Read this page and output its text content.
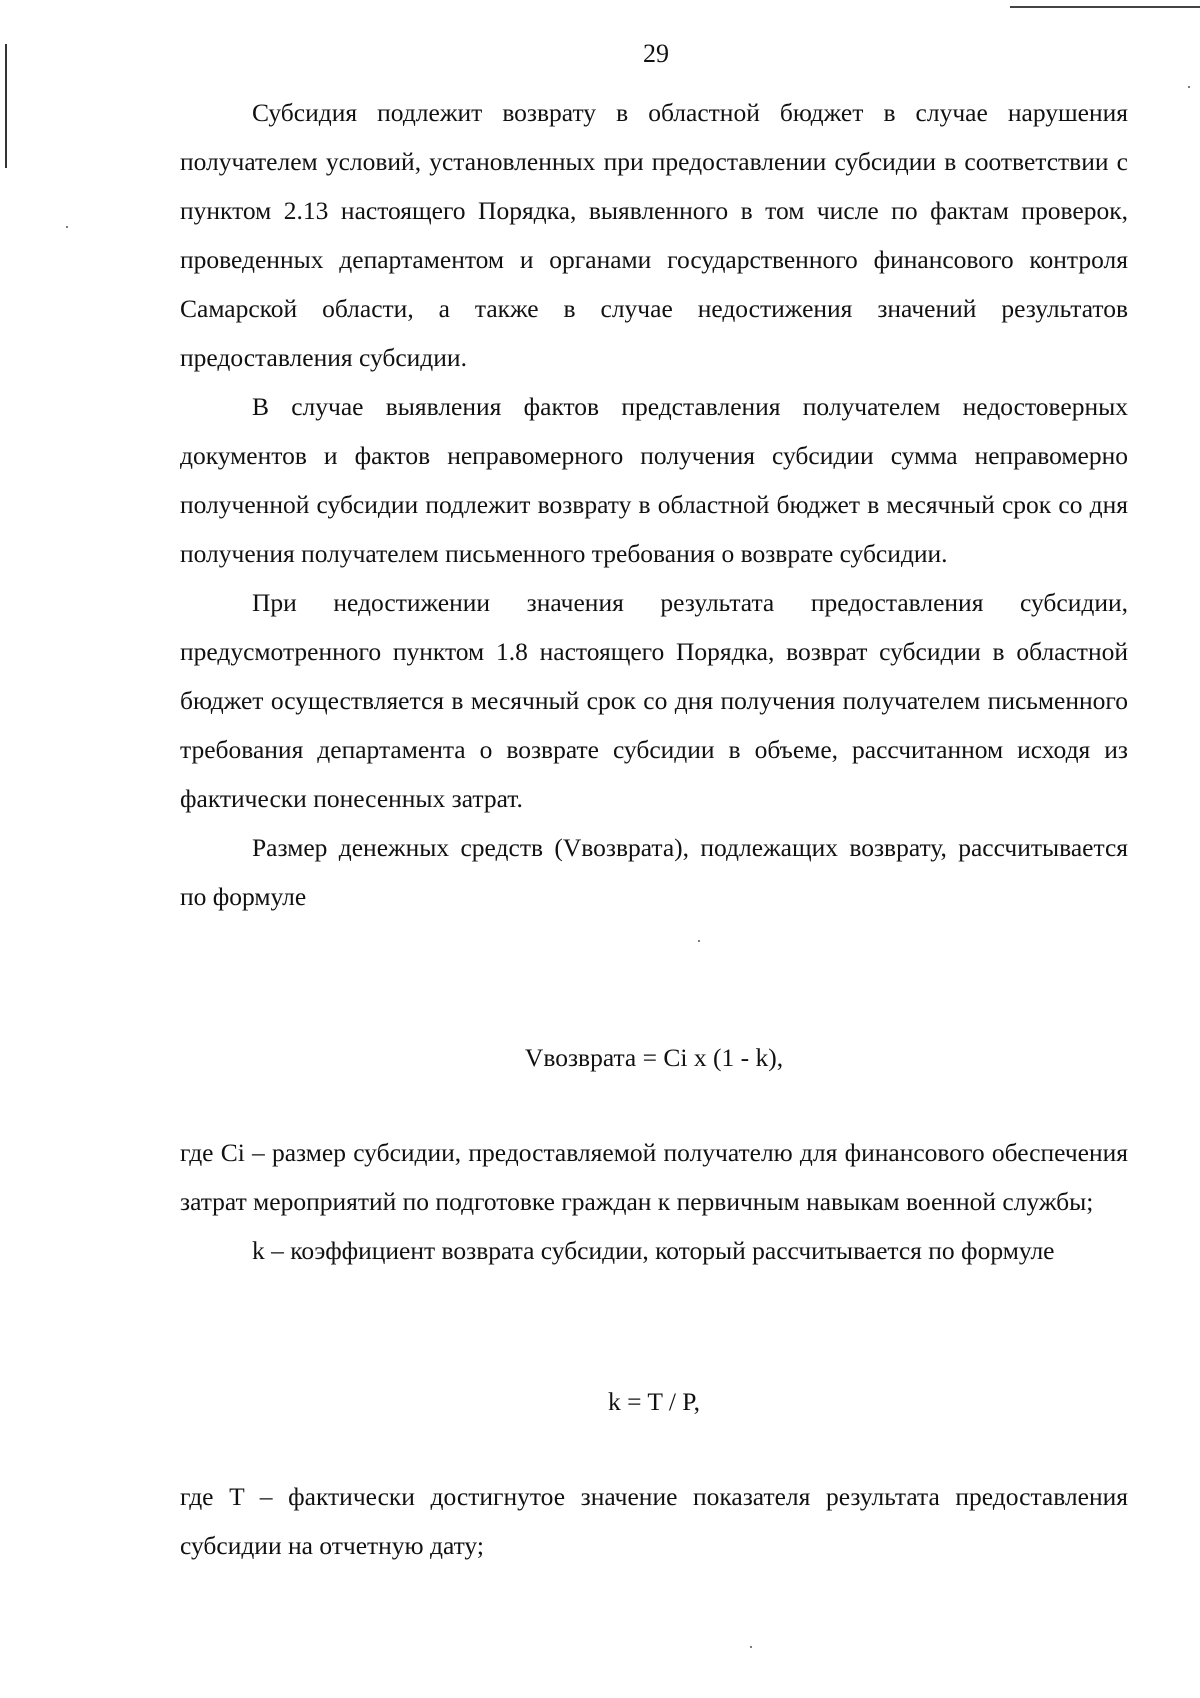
29

Субсидия подлежит возврату в областной бюджет в случае нарушения получателем условий, установленных при предоставлении субсидии в соответствии с пунктом 2.13 настоящего Порядка, выявленного в том числе по фактам проверок, проведенных департаментом и органами государственного финансового контроля Самарской области, а также в случае недостижения значений результатов предоставления субсидии.

В случае выявления фактов представления получателем недостоверных документов и фактов неправомерного получения субсидии сумма неправомерно полученной субсидии подлежит возврату в областной бюджет в месячный срок со дня получения получателем письменного требования о возврате субсидии.

При недостижении значения результата предоставления субсидии, предусмотренного пунктом 1.8 настоящего Порядка, возврат субсидии в областной бюджет осуществляется в месячный срок со дня получения получателем письменного требования департамента о возврате субсидии в объеме, рассчитанном исходя из фактически понесенных затрат.

Размер денежных средств (Vвозврата), подлежащих возврату, рассчитывается по формуле

Vвозврата = Ci x (1 - k),

где Ci – размер субсидии, предоставляемой получателю для финансового обеспечения затрат мероприятий по подготовке граждан к первичным навыкам военной службы;

k – коэффициент возврата субсидии, который рассчитывается по формуле

k = T / P,

где T – фактически достигнутое значение показателя результата предоставления субсидии на отчетную дату;
